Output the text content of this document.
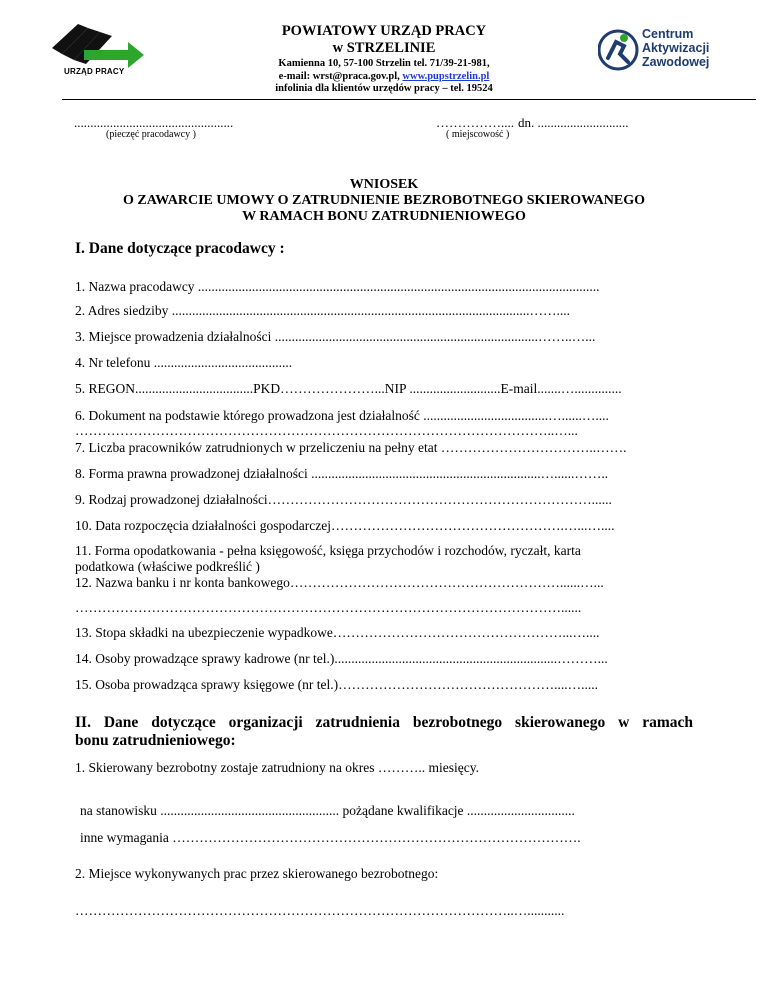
URZĄD PRACY
POWIATOWY URZĄD PRACY
w STRZELINIE
Kamienna 10, 57-100 Strzelin tel. 71/39-21-981,
e-mail: wrst@praca.gov.pl, www.pupstrzelin.pl
infolinia dla klientów urzędów pracy – tel. 19524
Centrum
Aktywizacji
Zawodowej
.................................................
(pieczęć pracodawcy )
…………….... dn. ............................
( miejscowość )
WNIOSEK
O ZAWARCIE UMOWY O ZATRUDNIENIE BEZROBOTNEGO SKIEROWANEGO
W RAMACH BONU ZATRUDNIENIOWEGO
I. Dane dotyczące pracodawcy :
1. Nazwa pracodawcy .......................................................................................................................
2. Adres siedziby ..........................................................................................................……....
3. Miejsce prowadzenia działalności ..............................................................................……..…...
4. Nr telefonu .........................................
5. REGON...................................PKD…………………...NIP ...........................E-mail.......…..............
6. Dokument na podstawie którego prowadzona jest działalność .....................................…......…....
……………………………………………………………………………………………..…...
7. Liczba pracowników zatrudnionych w przeliczeniu na pełny etat ……………………………..…….
8. Forma prawna prowadzonej działalności ....................................................................…......……..
9. Rodzaj prowadzonej działalności………………………………………………………………......
10. Data rozpoczęcia działalności gospodarczej…………………………………………….…...…....
11. Forma opodatkowania - pełna księgowość, księga przychodów i rozchodów, ryczałt, karta
podatkowa (właściwe podkreślić )
12. Nazwa banku i nr konta bankowego……………………………………………………......…...
………………………………………………………………………………………………......
13. Stopa składki na ubezpieczenie wypadkowe……………………………………………...…....
14. Osoby prowadzące sprawy kadrowe (nr tel.)..................................................................………...
15. Osoba prowadząca sprawy księgowe (nr tel.)…………………………………………....….....
II. Dane dotyczące organizacji zatrudnienia bezrobotnego skierowanego w ramach
bonu zatrudnieniowego:
1. Skierowany bezrobotny zostaje zatrudniony na okres ……….. miesięcy.
na stanowisku ..................................................... pożądane kwalifikacje ................................
inne wymagania ……………………………………………………………………………….
2. Miejsce wykonywanych prac przez skierowanego bezrobotnego:
……………………………………………………………………………………..…...........
